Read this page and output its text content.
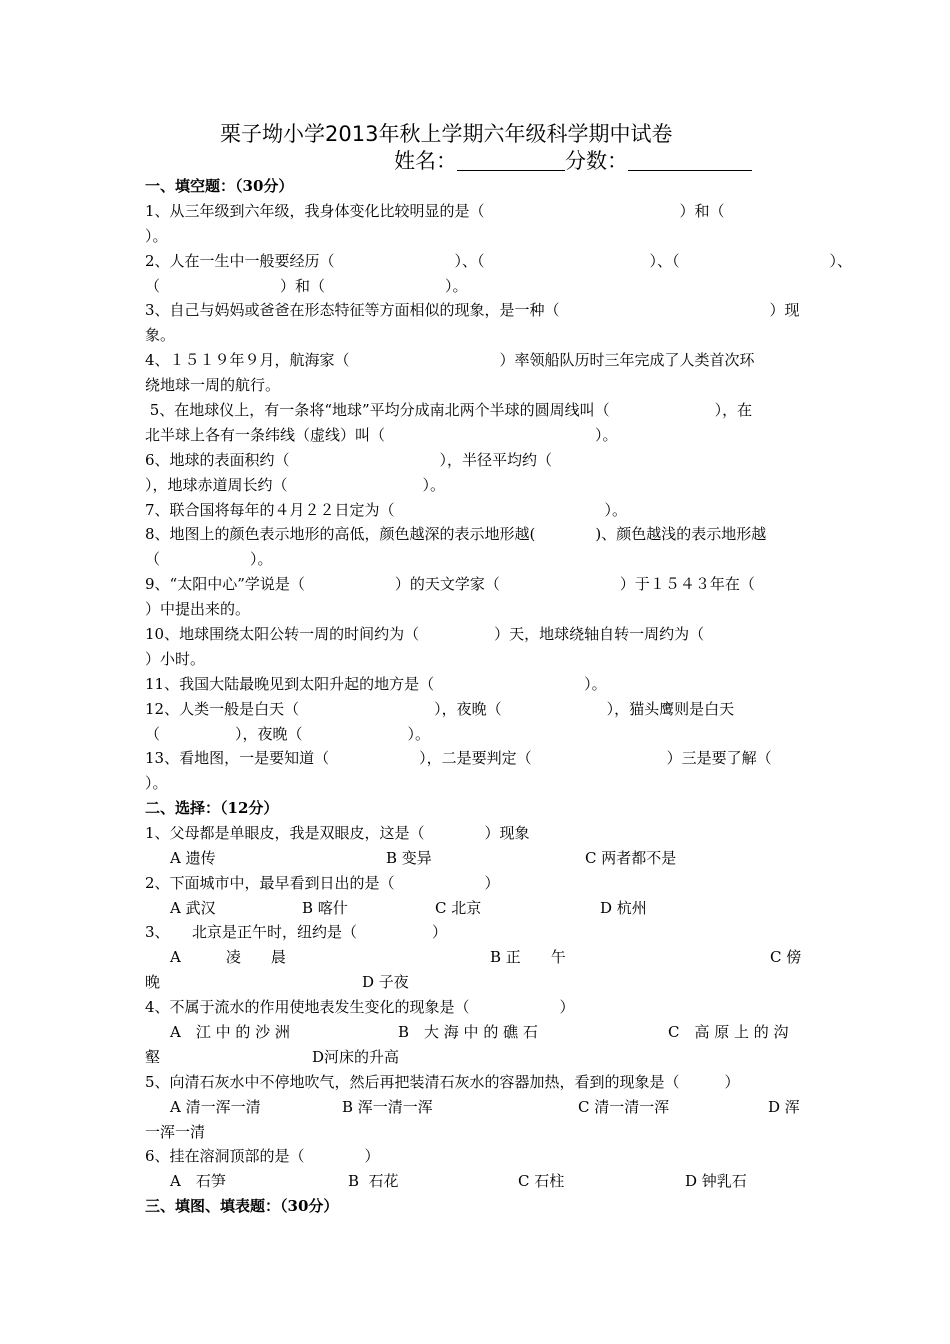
栗子坳小学2013年秋上学期六年级科学期中试卷
姓名：	分数：
一、填空题：（30分）
1、从三年级到六年级，我身体变化比较明显的是（　　　　　　　　　　　　　）和（
）。
2、人在一生中一般要经历（　　　　　　　　）、（　　　　　　　　　　　）、（　　　　　　　　　　）、
（　　　　　　　　）和（　　　　　　　　）。
3、自己与妈妈或爸爸在形态特征等方面相似的现象，是一种（　　　　　　　　　　　　　　）现
象。
4、１５１９年９月，航海家（　　　　　　　　　　）率领船队历时三年完成了人类首次环
绕地球一周的航行。
5、在地球仪上，有一条将“地球”平均分成南北两个半球的圆周线叫（　　　　　　　），在
北半球上各有一条纬线（虚线）叫（　　　　　　　　　　　　　　）。
6、地球的表面积约（　　　　　　　　　　），半径平均约（
），地球赤道周长约（　　　　　　　　　）。
7、联合国将每年的４月２２日定为（　　　　　　　　　　　　　　）。
8、地图上的颜色表示地形的高低，颜色越深的表示地形越(　　　　)、颜色越浅的表示地形越
（　　　　　　）。
9、“太阳中心”学说是（　　　　　　）的天文学家（　　　　　　　　）于１５４３年在（
）中提出来的。
10、地球围绕太阳公转一周的时间约为（　　　　　）天，地球绕轴自转一周约为（
）小时。
11、我国大陆最晚见到太阳升起的地方是（　　　　　　　　　　）。
12、人类一般是白天（　　　　　　　　　），夜晚（　　　　　　　），猫头鹰则是白天
（　　　　　），夜晚（　　　　　　　）。
13、看地图，一是要知道（　　　　　　），二是要判定（　　　　　　　　　）三是要了解（
）。
二、选择：（12分）
1、父母都是单眼皮，我是双眼皮，这是（　　　　）现象
A 遗传	B 变异	C 两者都不是
2、下面城市中，最早看到日出的是（　　　　　　）
A 武汉	B 喀什	C 北京	D 杭州
3、　　北京是正午时，纽约是（　　　　　）
A　　　凌　　晨	B 正　　午	C 傍
晚	D 子夜
4、不属于流水的作用使地表发生变化的现象是（　　　　　　）
A　江 中 的 沙 洲	B　大 海 中 的 礁 石	C　高 原 上 的 沟
壑	D河床的升高
5、向清石灰水中不停地吹气，然后再把装清石灰水的容器加热，看到的现象是（　　　）
A 清一浑一清	B 浑一清一浑	C 清一清一浑	D 浑
一浑一清
6、挂在溶洞顶部的是（　　　　）
A　石笋	B  石花	C 石柱	D 钟乳石
三、填图、填表题：（30分）
